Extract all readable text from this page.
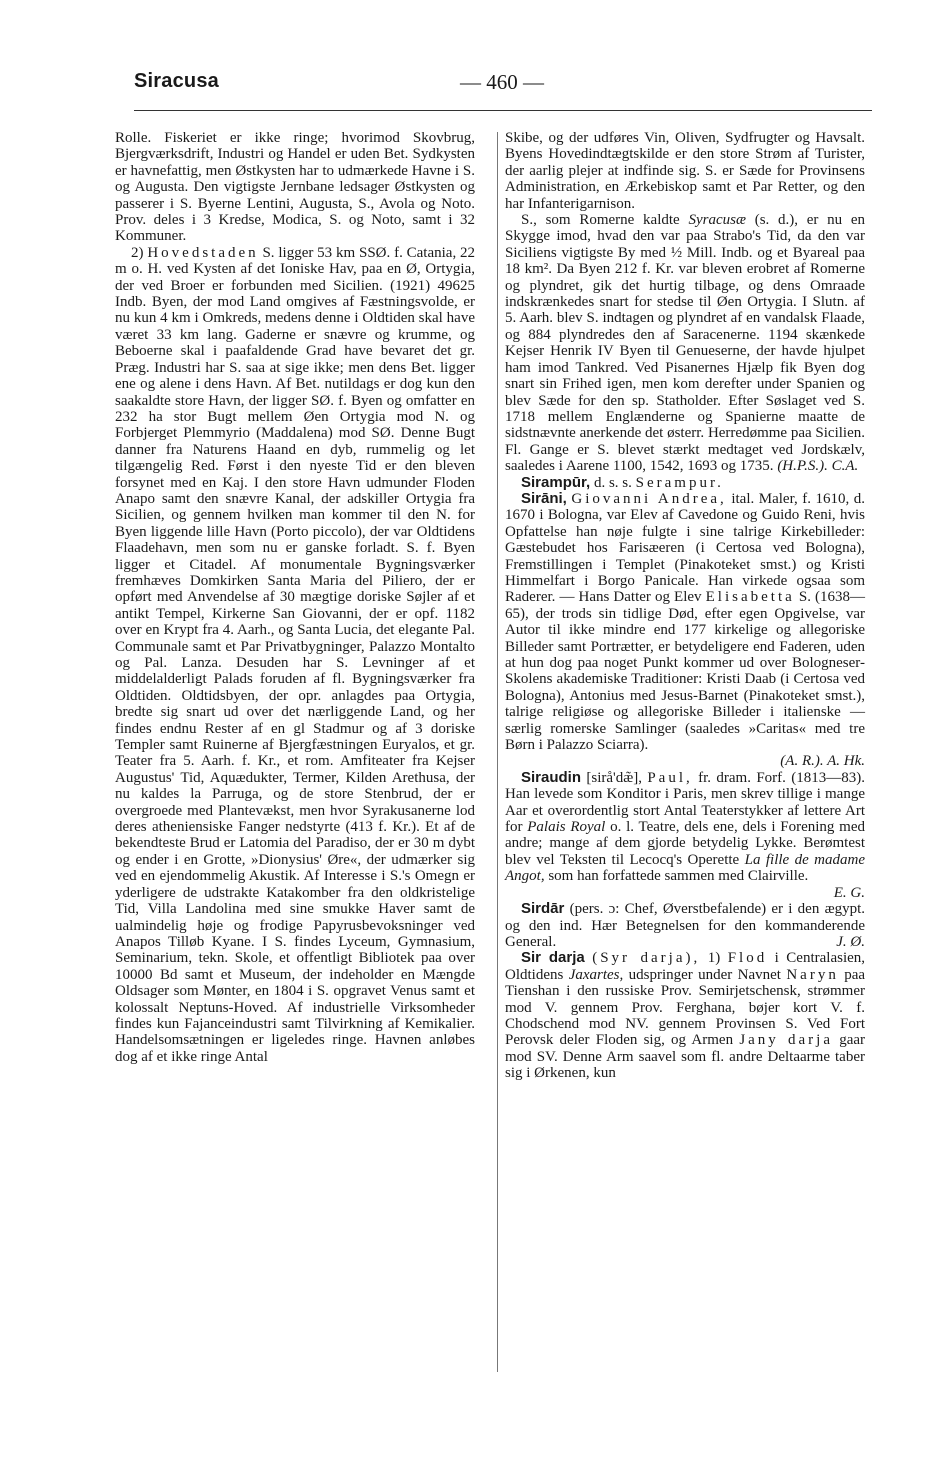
Siracusa	— 460 —

Rolle. Fiskeriet er ikke ringe; hvorimod Skovbrug, Bjergværksdrift, Industri og Handel er uden Bet. Sydkysten er havnefattig, men Østkysten har to udmærkede Havne i S. og Augusta. Den vigtigste Jernbane ledsager Østkysten og passerer i S. Byerne Lentini, Augusta, S., Avola og Noto. Prov. deles i 3 Kredse, Modica, S. og Noto, samt i 32 Kommuner.

2) Hovedstaden S. ligger 53 km SSØ. f. Catania, 22 m o. H. ved Kysten af det Ioniske Hav, paa en Ø, Ortygia, der ved Broer er forbunden med Sicilien. (1921) 49625 Indb. Byen, der mod Land omgives af Fæstningsvolde, er nu kun 4 km i Omkreds, medens denne i Oldtiden skal have været 33 km lang. Gaderne er snævre og krumme, og Beboerne skal i paafaldende Grad have bevaret det gr. Præg. Industri har S. saa at sige ikke; men dens Bet. ligger ene og alene i dens Havn. Af Bet. nutildags er dog kun den saakaldte store Havn, der ligger SØ. f. Byen og omfatter en 232 ha stor Bugt mellem Øen Ortygia mod N. og Forbjerget Plemmyrio (Maddalena) mod SØ. Denne Bugt danner fra Naturens Haand en dyb, rummelig og let tilgængelig Red. Først i den nyeste Tid er den bleven forsynet med en Kaj. I den store Havn udmunder Floden Anapo samt den snævre Kanal, der adskiller Ortygia fra Sicilien, og gennem hvilken man kommer til den N. for Byen liggende lille Havn (Porto piccolo), der var Oldtidens Flaadehavn, men som nu er ganske forladt. S. f. Byen ligger et Citadel. Af monumentale Bygningsværker fremhæves Domkirken Santa Maria del Piliero, der er opført med Anvendelse af 30 mægtige doriske Søjler af et antikt Tempel, Kirkerne San Giovanni, der er opf. 1182 over en Krypt fra 4. Aarh., og Santa Lucia, det elegante Pal. Communale samt et Par Privatbygninger, Palazzo Montalto og Pal. Lanza. Desuden har S. Levninger af et middelalderligt Palads foruden af fl. Bygningsværker fra Oldtiden. Oldtidsbyen, der opr. anlagdes paa Ortygia, bredte sig snart ud over det nærliggende Land, og her findes endnu Rester af en gl Stadmur og af 3 doriske Templer samt Ruinerne af Bjergfæstningen Euryalos, et gr. Teater fra 5. Aarh. f. Kr., et rom. Amfiteater fra Kejser Augustus' Tid, Aquædukter, Termer, Kilden Arethusa, der nu kaldes la Parruga, og de store Stenbrud, der er overgroede med Plantevækst, men hvor Syrakusanerne lod deres atheniensiske Fanger nedstyrte (413 f. Kr.). Et af de bekendteste Brud er Latomia del Paradiso, der er 30 m dybt og ender i en Grotte, »Dionysius' Øre«, der udmærker sig ved en ejendommelig Akustik. Af Interesse i S.'s Omegn er yderligere de udstrakte Katakomber fra den oldkristelige Tid, Villa Landolina med sine smukke Haver samt de ualmindelig høje og frodige Papyrusbevoksninger ved Anapos Tilløb Kyane. I S. findes Lyceum, Gymnasium, Seminarium, tekn. Skole, et offentligt Bibliotek paa over 10000 Bd samt et Museum, der indeholder en Mængde Oldsager som Mønter, en 1804 i S. opgravet Venus samt et kolossalt Neptuns-Hoved. Af industrielle Virksomheder findes kun Fajanceindustri samt Tilvirkning af Kemikalier. Handelsomsætningen er ligeledes ringe. Havnen anløbes dog af et ikke ringe Antal

Skibe, og der udføres Vin, Oliven, Sydfrugter og Havsalt. Byens Hovedindtægtskilde er den store Strøm af Turister, der aarlig plejer at indfinde sig. S. er Sæde for Provinsens Administration, en Ærkebiskop samt et Par Retter, og den har Infanterigarnison.

S., som Romerne kaldte Syracusæ (s. d.), er nu en Skygge imod, hvad den var paa Strabo's Tid, da den var Siciliens vigtigste By med ½ Mill. Indb. og et Byareal paa 18 km². Da Byen 212 f. Kr. var bleven erobret af Romerne og plyndret, gik det hurtig tilbage, og dens Omraade indskrænkedes snart for stedse til Øen Ortygia. I Slutn. af 5. Aarh. blev S. indtagen og plyndret af en vandalsk Flaade, og 884 plyndredes den af Saracenerne. 1194 skænkede Kejser Henrik IV Byen til Genueserne, der havde hjulpet ham imod Tankred. Ved Pisanernes Hjælp fik Byen dog snart sin Frihed igen, men kom derefter under Spanien og blev Sæde for den sp. Statholder. Efter Søslaget ved S. 1718 mellem Englænderne og Spanierne maatte de sidstnævnte anerkende det østerr. Herredømme paa Sicilien. Fl. Gange er S. blevet stærkt medtaget ved Jordskælv, saaledes i Aarene 1100, 1542, 1693 og 1735. (H.P.S.). C.A.

Sirampūr, d. s. s. Serampur.

Sirāni, Giovanni Andrea, ital. Maler, f. 1610, d. 1670 i Bologna, var Elev af Cavedone og Guido Reni, hvis Opfattelse han nøje fulgte i sine talrige Kirkebilleder: Gæstebudet hos Farisæeren (i Certosa ved Bologna), Fremstillingen i Templet (Pinakoteket smst.) og Kristi Himmelfart i Borgo Panicale. Han virkede ogsaa som Raderer. — Hans Datter og Elev Elisabetta S. (1638—65), der trods sin tidlige Død, efter egen Opgivelse, var Autor til ikke mindre end 177 kirkelige og allegoriske Billeder samt Portrætter, er betydeligere end Faderen, uden at hun dog paa noget Punkt kommer ud over Bologneser-Skolens akademiske Traditioner: Kristi Daab (i Certosa ved Bologna), Antonius med Jesus-Barnet (Pinakoteket smst.), talrige religiøse og allegoriske Billeder i italienske — særlig romerske Samlinger (saaledes »Caritas« med tre Børn i Palazzo Sciarra).

(A. R.). A. Hk.

Siraudin [sirå'dæ̃], Paul, fr. dram. Forf. (1813—83). Han levede som Konditor i Paris, men skrev tillige i mange Aar et overordentlig stort Antal Teaterstykker af lettere Art for Palais Royal o. l. Teatre, dels ene, dels i Forening med andre; mange af dem gjorde betydelig Lykke. Berømtest blev vel Teksten til Lecocq's Operette La fille de madame Angot, som han forfattede sammen med Clairville.

E. G.

Sirdār (pers. ɔ: Chef, Øverstbefalende) er i den ægypt. og den ind. Hær Betegnelsen for den kommanderende General.	J. Ø.

Sir darja (Syr darja), 1) Flod i Centralasien, Oldtidens Jaxartes, udspringer under Navnet Naryn paa Tienshan i den russiske Prov. Semirjetschensk, strømmer mod V. gennem Prov. Ferghana, bøjer kort V. f. Chodschend mod NV. gennem Provinsen S. Ved Fort Perovsk deler Floden sig, og Armen Jany darja gaar mod SV. Denne Arm saavel som fl. andre Deltaarme taber sig i Ørkenen, kun
